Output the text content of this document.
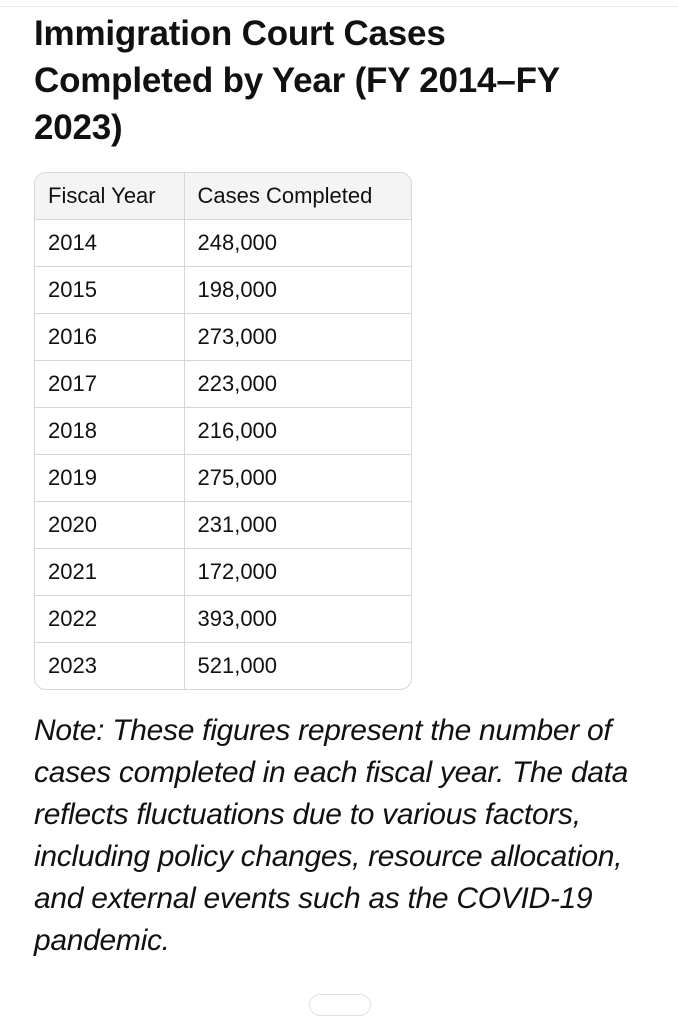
Immigration Court Cases Completed by Year (FY 2014–FY 2023)
Fiscal Year	Cases Completed
2014	248,000
2015	198,000
2016	273,000
2017	223,000
2018	216,000
2019	275,000
2020	231,000
2021	172,000
2022	393,000
2023	521,000

Note: These figures represent the number of cases completed in each fiscal year. The data reflects fluctuations due to various factors, including policy changes, resource allocation, and external events such as the COVID-19 pandemic.
